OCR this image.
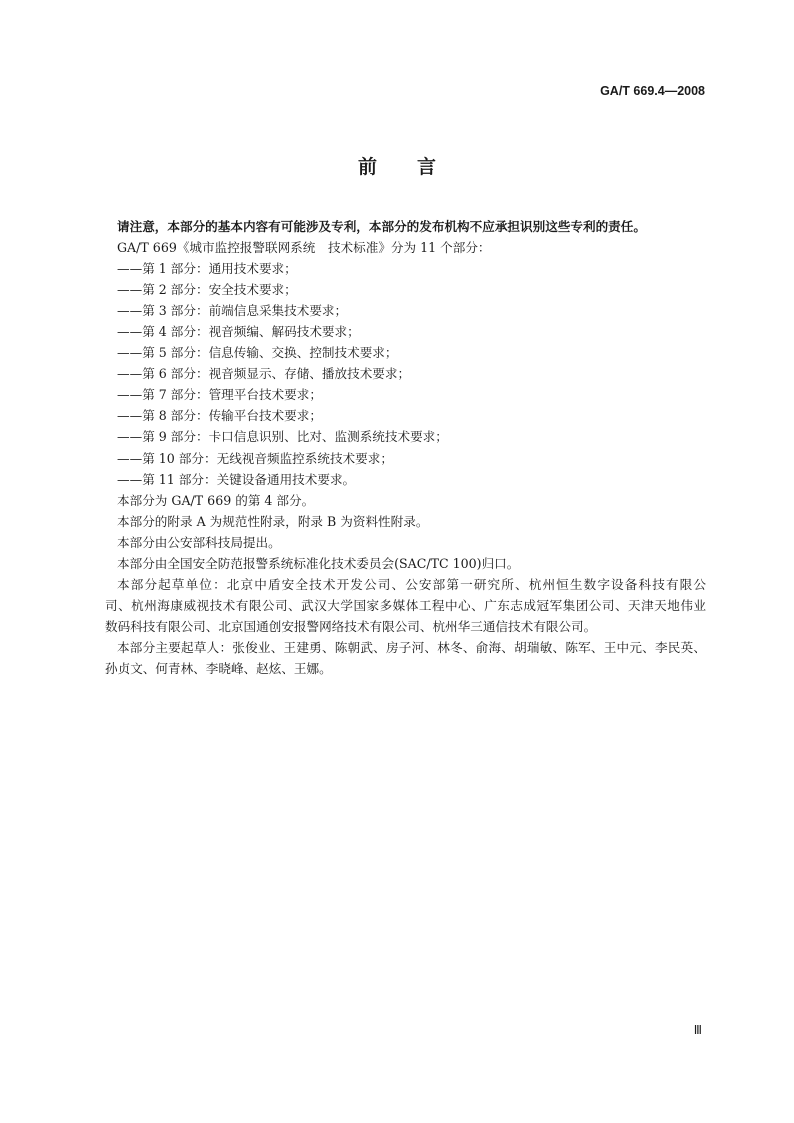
GA/T 669.4—2008
前言
请注意，本部分的基本内容有可能涉及专利，本部分的发布机构不应承担识别这些专利的责任。
GA/T 669《城市监控报警联网系统　技术标准》分为 11 个部分：
——第 1 部分：通用技术要求；
——第 2 部分：安全技术要求；
——第 3 部分：前端信息采集技术要求；
——第 4 部分：视音频编、解码技术要求；
——第 5 部分：信息传输、交换、控制技术要求；
——第 6 部分：视音频显示、存储、播放技术要求；
——第 7 部分：管理平台技术要求；
——第 8 部分：传输平台技术要求；
——第 9 部分：卡口信息识别、比对、监测系统技术要求；
——第 10 部分：无线视音频监控系统技术要求；
——第 11 部分：关键设备通用技术要求。
本部分为 GA/T 669 的第 4 部分。
本部分的附录 A 为规范性附录，附录 B 为资料性附录。
本部分由公安部科技局提出。
本部分由全国安全防范报警系统标准化技术委员会(SAC/TC 100)归口。
本部分起草单位：北京中盾安全技术开发公司、公安部第一研究所、杭州恒生数字设备科技有限公
司、杭州海康威视技术有限公司、武汉大学国家多媒体工程中心、广东志成冠军集团公司、天津天地伟业
数码科技有限公司、北京国通创安报警网络技术有限公司、杭州华三通信技术有限公司。
本部分主要起草人：张俊业、王建勇、陈朝武、房子河、林冬、俞海、胡瑞敏、陈军、王中元、李民英、
孙贞文、何青林、李晓峰、赵炫、王娜。
Ⅲ
